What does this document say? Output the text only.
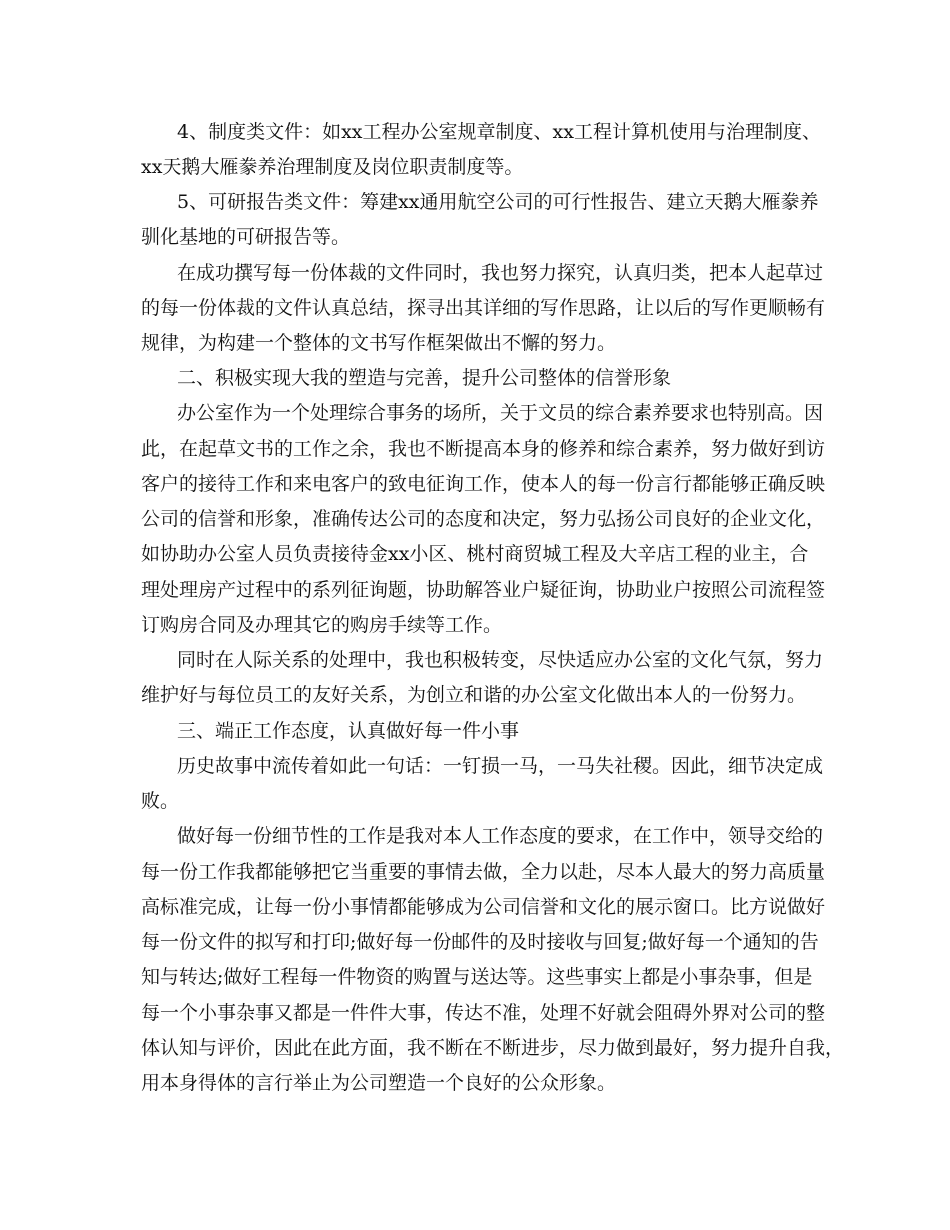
4、制度类文件：如xx工程办公室规章制度、xx工程计算机使用与治理制度、
xx天鹅大雁豢养治理制度及岗位职责制度等。
5、可研报告类文件：筹建xx通用航空公司的可行性报告、建立天鹅大雁豢养
驯化基地的可研报告等。
在成功撰写每一份体裁的文件同时，我也努力探究，认真归类，把本人起草过
的每一份体裁的文件认真总结，探寻出其详细的写作思路，让以后的写作更顺畅有
规律，为构建一个整体的文书写作框架做出不懈的努力。
二、积极实现大我的塑造与完善，提升公司整体的信誉形象
办公室作为一个处理综合事务的场所，关于文员的综合素养要求也特别高。因
此，在起草文书的工作之余，我也不断提高本身的修养和综合素养，努力做好到访
客户的接待工作和来电客户的致电征询工作，使本人的每一份言行都能够正确反映
公司的信誉和形象，准确传达公司的态度和决定，努力弘扬公司良好的企业文化，
如协助办公室人员负责接待金xx小区、桃村商贸城工程及大辛店工程的业主，合
理处理房产过程中的系列征询题，协助解答业户疑征询，协助业户按照公司流程签
订购房合同及办理其它的购房手续等工作。
同时在人际关系的处理中，我也积极转变，尽快适应办公室的文化气氛，努力
维护好与每位员工的友好关系，为创立和谐的办公室文化做出本人的一份努力。
三、端正工作态度，认真做好每一件小事
历史故事中流传着如此一句话：一钉损一马，一马失社稷。因此，细节决定成
败。
做好每一份细节性的工作是我对本人工作态度的要求，在工作中，领导交给的
每一份工作我都能够把它当重要的事情去做，全力以赴，尽本人最大的努力高质量
高标准完成，让每一份小事情都能够成为公司信誉和文化的展示窗口。比方说做好
每一份文件的拟写和打印;做好每一份邮件的及时接收与回复;做好每一个通知的告
知与转达;做好工程每一件物资的购置与送达等。这些事实上都是小事杂事，但是
每一个小事杂事又都是一件件大事，传达不准，处理不好就会阻碍外界对公司的整
体认知与评价，因此在此方面，我不断在不断进步，尽力做到最好，努力提升自我，
用本身得体的言行举止为公司塑造一个良好的公众形象。
